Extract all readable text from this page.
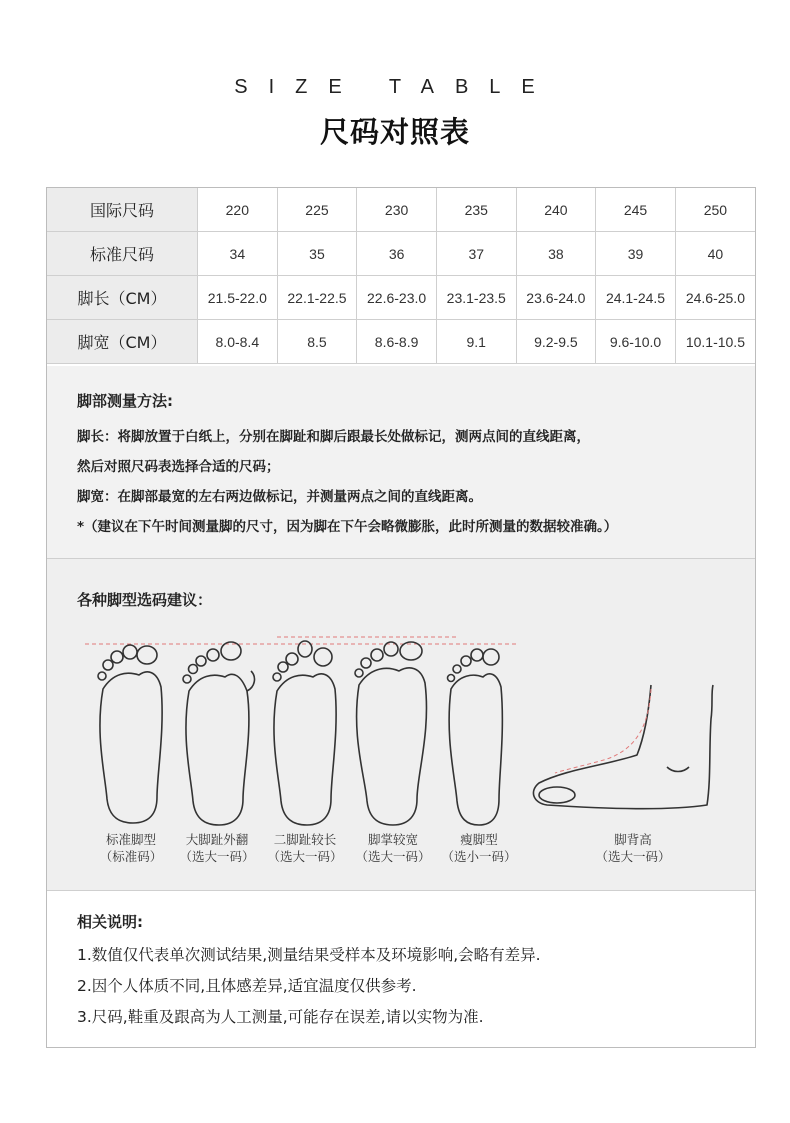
SIZE TABLE
尺码对照表
国际尺码	220	225	230	235	240	245	250
标准尺码	34	35	36	37	38	39	40
脚长（CM）	21.5-22.0	22.1-22.5	22.6-23.0	23.1-23.5	23.6-24.0	24.1-24.5	24.6-25.0
脚宽（CM）	8.0-8.4	8.5	8.6-8.9	9.1	9.2-9.5	9.6-10.0	10.1-10.5
脚部测量方法:
脚长：将脚放置于白纸上，分别在脚趾和脚后跟最长处做标记，测两点间的直线距离，
然后对照尺码表选择合适的尺码；
脚宽：在脚部最宽的左右两边做标记，并测量两点之间的直线距离。
*（建议在下午时间测量脚的尺寸，因为脚在下午会略微膨胀，此时所测量的数据较准确。）
各种脚型选码建议：
标准脚型
（标准码）
大脚趾外翻
（选大一码）
二脚趾较长
（选大一码）
脚掌较宽
（选大一码）
瘦脚型
（选小一码）
脚背高
（选大一码）
相关说明:
1.数值仅代表单次测试结果,测量结果受样本及环境影响,会略有差异.
2.因个人体质不同,且体感差异,适宜温度仅供参考.
3.尺码,鞋重及跟高为人工测量,可能存在误差,请以实物为准.
